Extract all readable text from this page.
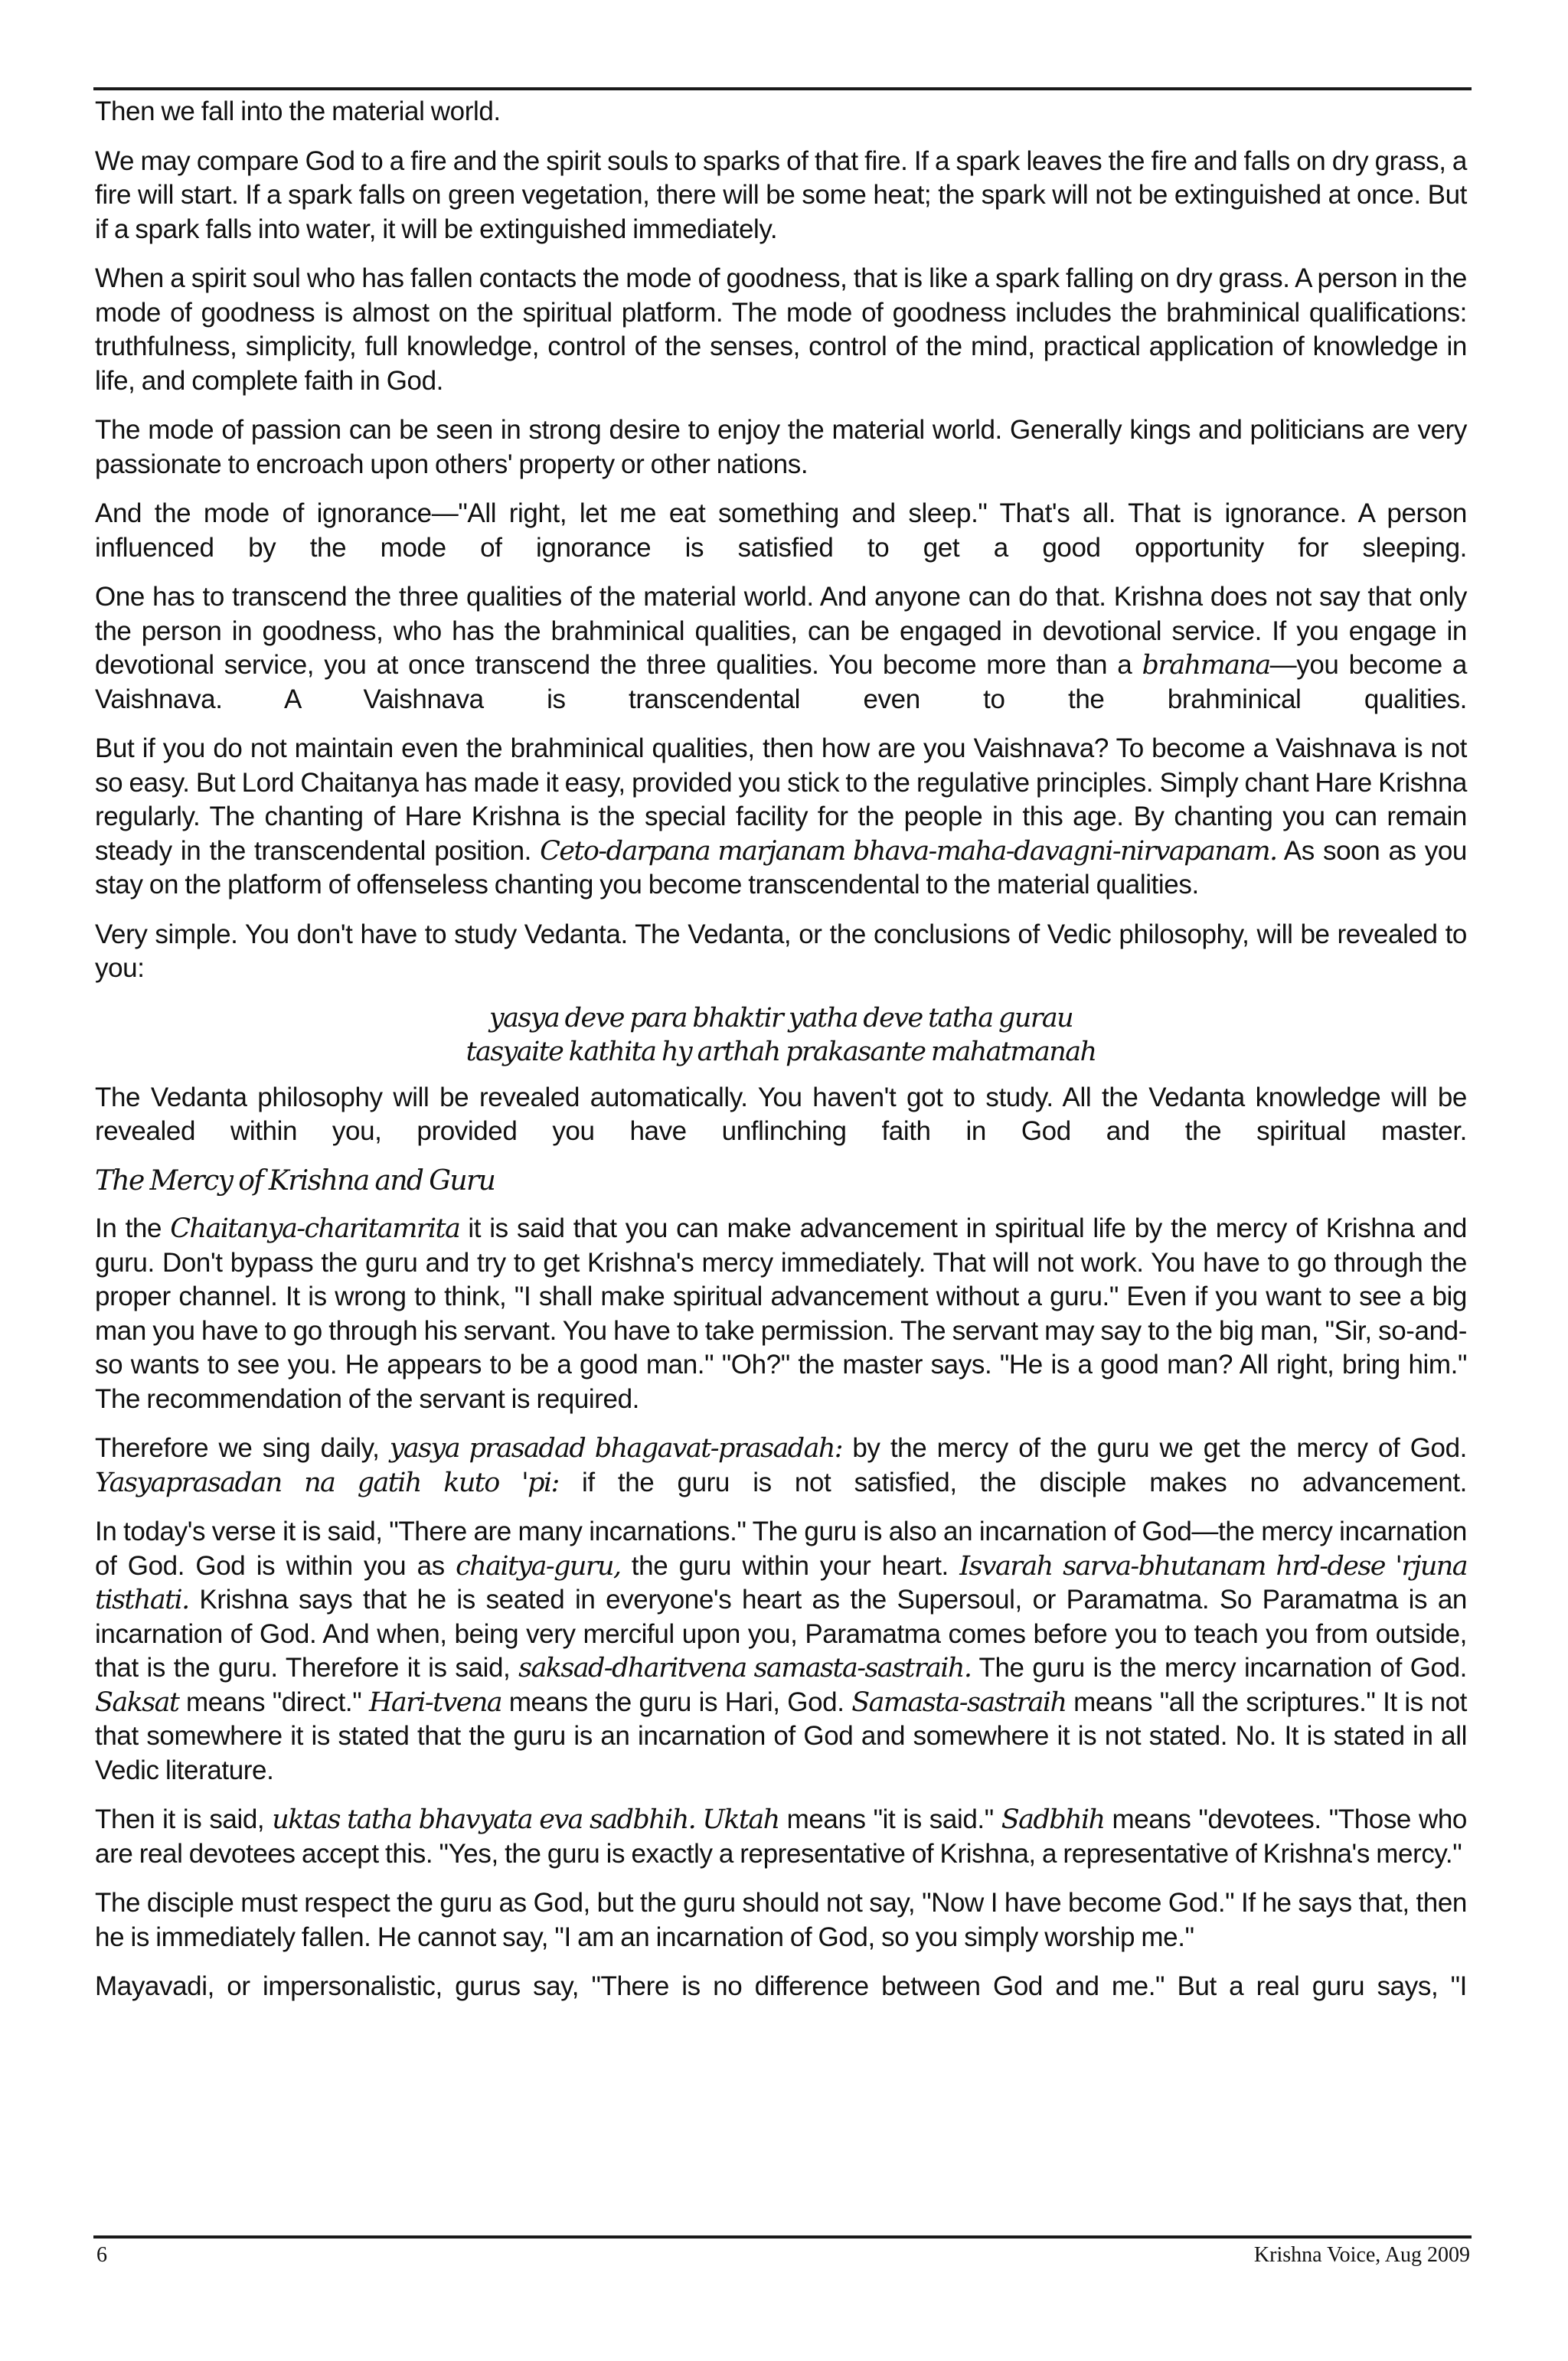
Then we fall into the material world.

We may compare God to a fire and the spirit souls to sparks of that fire. If a spark leaves the fire and falls on dry grass, a fire will start. If a spark falls on green vegetation, there will be some heat; the spark will not be extinguished at once. But if a spark falls into water, it will be extinguished immediately.

When a spirit soul who has fallen contacts the mode of goodness, that is like a spark falling on dry grass. A person in the mode of goodness is almost on the spiritual platform. The mode of goodness includes the brahminical qualifications: truthfulness, simplicity, full knowledge, control of the senses, control of the mind, practical application of knowledge in life, and complete faith in God.

The mode of passion can be seen in strong desire to enjoy the material world. Generally kings and politicians are very passionate to encroach upon others' property or other nations.

And the mode of ignorance—"All right, let me eat something and sleep." That's all. That is ignorance. A person influenced by the mode of ignorance is satisfied to get a good opportunity for sleeping.

One has to transcend the three qualities of the material world. And anyone can do that. Krishna does not say that only the person in goodness, who has the brahminical qualities, can be engaged in devotional service. If you engage in devotional service, you at once transcend the three qualities. You become more than a brahmana—you become a Vaishnava. A Vaishnava is transcendental even to the brahminical qualities.

But if you do not maintain even the brahminical qualities, then how are you Vaishnava? To become a Vaishnava is not so easy. But Lord Chaitanya has made it easy, provided you stick to the regulative principles. Simply chant Hare Krishna regularly. The chanting of Hare Krishna is the special facility for the people in this age. By chanting you can remain steady in the transcendental position. Ceto-darpana marjanam bhava-maha-davagni-nirvapanam. As soon as you stay on the platform of offenseless chanting you become transcendental to the material qualities.

Very simple. You don't have to study Vedanta. The Vedanta, or the conclusions of Vedic philosophy, will be revealed to you:

yasya deve para bhaktir yatha deve tatha gurau
tasyaite kathita hy arthah prakasante mahatmanah

The Vedanta philosophy will be revealed automatically. You haven't got to study. All the Vedanta knowledge will be revealed within you, provided you have unflinching faith in God and the spiritual master.

The Mercy of Krishna and Guru

In the Chaitanya-charitamrita it is said that you can make advancement in spiritual life by the mercy of Krishna and guru. Don't bypass the guru and try to get Krishna's mercy immediately. That will not work. You have to go through the proper channel. It is wrong to think, "I shall make spiritual advancement without a guru." Even if you want to see a big man you have to go through his servant. You have to take permission. The servant may say to the big man, "Sir, so-and-so wants to see you. He appears to be a good man." "Oh?" the master says. "He is a good man? All right, bring him." The recommendation of the servant is required.

Therefore we sing daily, yasya prasadad bhagavat-prasadah: by the mercy of the guru we get the mercy of God. Yasyaprasadan na gatih kuto 'pi: if the guru is not satisfied, the disciple makes no advancement.

In today's verse it is said, "There are many incarnations." The guru is also an incarnation of God—the mercy incarnation of God. God is within you as chaitya-guru, the guru within your heart. Isvarah sarva-bhutanam hrd-dese 'rjuna tisthati. Krishna says that he is seated in everyone's heart as the Supersoul, or Paramatma. So Paramatma is an incarnation of God. And when, being very merciful upon you, Paramatma comes before you to teach you from outside, that is the guru. Therefore it is said, saksad-dharitvena samasta-sastraih. The guru is the mercy incarnation of God. Saksat means "direct." Hari-tvena means the guru is Hari, God. Samasta-sastraih means "all the scriptures." It is not that somewhere it is stated that the guru is an incarnation of God and somewhere it is not stated. No. It is stated in all Vedic literature.

Then it is said, uktas tatha bhavyata eva sadbhih. Uktah means "it is said." Sadbhih means "devotees. "Those who are real devotees accept this. "Yes, the guru is exactly a representative of Krishna, a representative of Krishna's mercy."

The disciple must respect the guru as God, but the guru should not say, "Now I have become God." If he says that, then he is immediately fallen. He cannot say, "I am an incarnation of God, so you simply worship me."

Mayavadi, or impersonalistic, gurus say, "There is no difference between God and me." But a real guru says, "I

6	Krishna Voice, Aug 2009
